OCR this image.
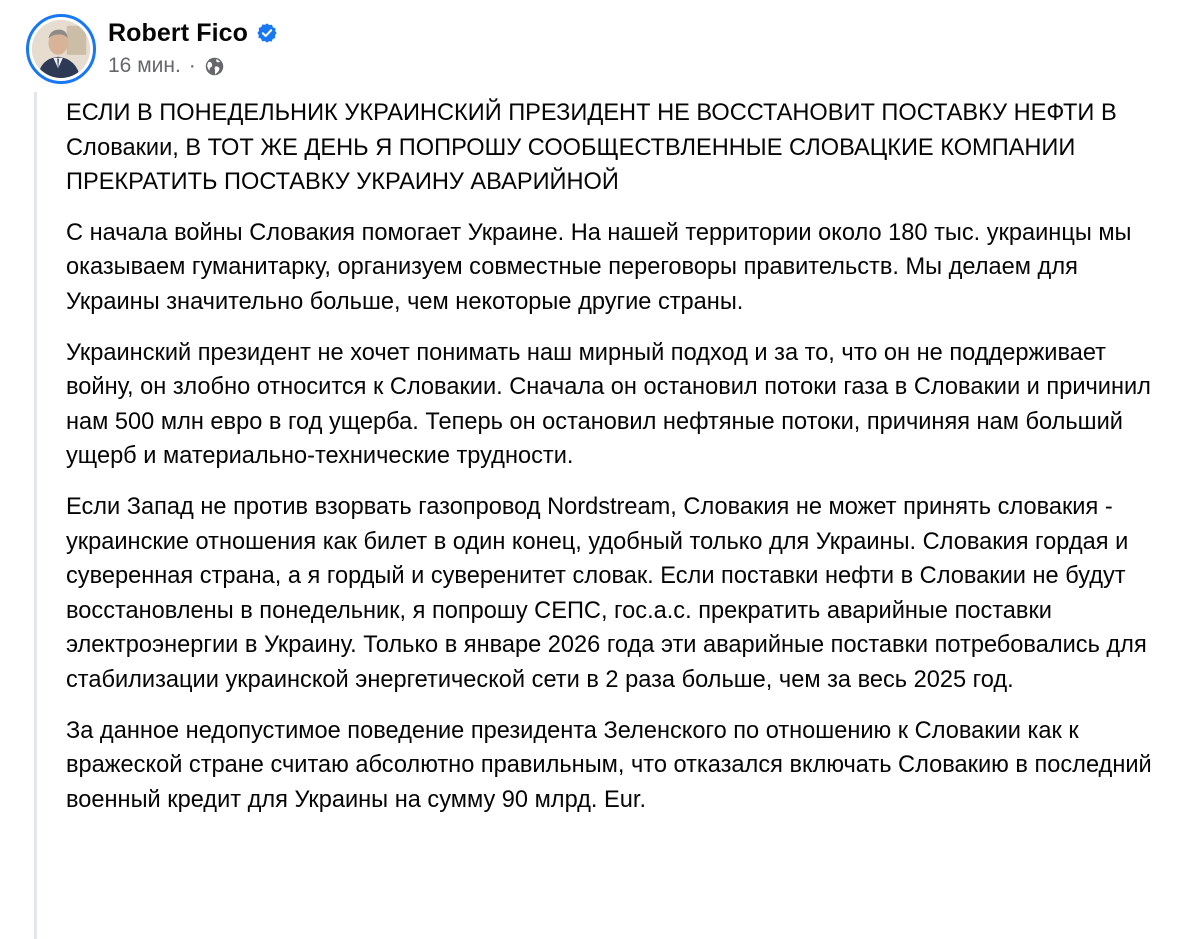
Robert Fico
16 мин. ·

ЕСЛИ В ПОНЕДЕЛЬНИК УКРАИНСКИЙ ПРЕЗИДЕНТ НЕ ВОССТАНОВИТ ПОСТАВКУ НЕФТИ В Словакии, В ТОТ ЖЕ ДЕНЬ Я ПОПРОШУ СООБЩЕСТВЛЕННЫЕ СЛОВАЦКИЕ КОМПАНИИ ПРЕКРАТИТЬ ПОСТАВКУ УКРАИНУ АВАРИЙНОЙ

С начала войны Словакия помогает Украине. На нашей территории около 180 тыс. украинцы мы оказываем гуманитарку, организуем совместные переговоры правительств. Мы делаем для Украины значительно больше, чем некоторые другие страны.

Украинский президент не хочет понимать наш мирный подход и за то, что он не поддерживает войну, он злобно относится к Словакии. Сначала он остановил потоки газа в Словакии и причинил нам 500 млн евро в год ущерба. Теперь он остановил нефтяные потоки, причиняя нам больший ущерб и материально-технические трудности.

Если Запад не против взорвать газопровод Nordstream, Словакия не может принять словакия - украинские отношения как билет в один конец, удобный только для Украины. Словакия гордая и суверенная страна, а я гордый и суверенитет словак. Если поставки нефти в Словакии не будут восстановлены в понедельник, я попрошу СЕПС, гос.а.с. прекратить аварийные поставки электроэнергии в Украину. Только в январе 2026 года эти аварийные поставки потребовались для стабилизации украинской энергетической сети в 2 раза больше, чем за весь 2025 год.

За данное недопустимое поведение президента Зеленского по отношению к Словакии как к вражеской стране считаю абсолютно правильным, что отказался включать Словакию в последний военный кредит для Украины на сумму 90 млрд. Eur.
